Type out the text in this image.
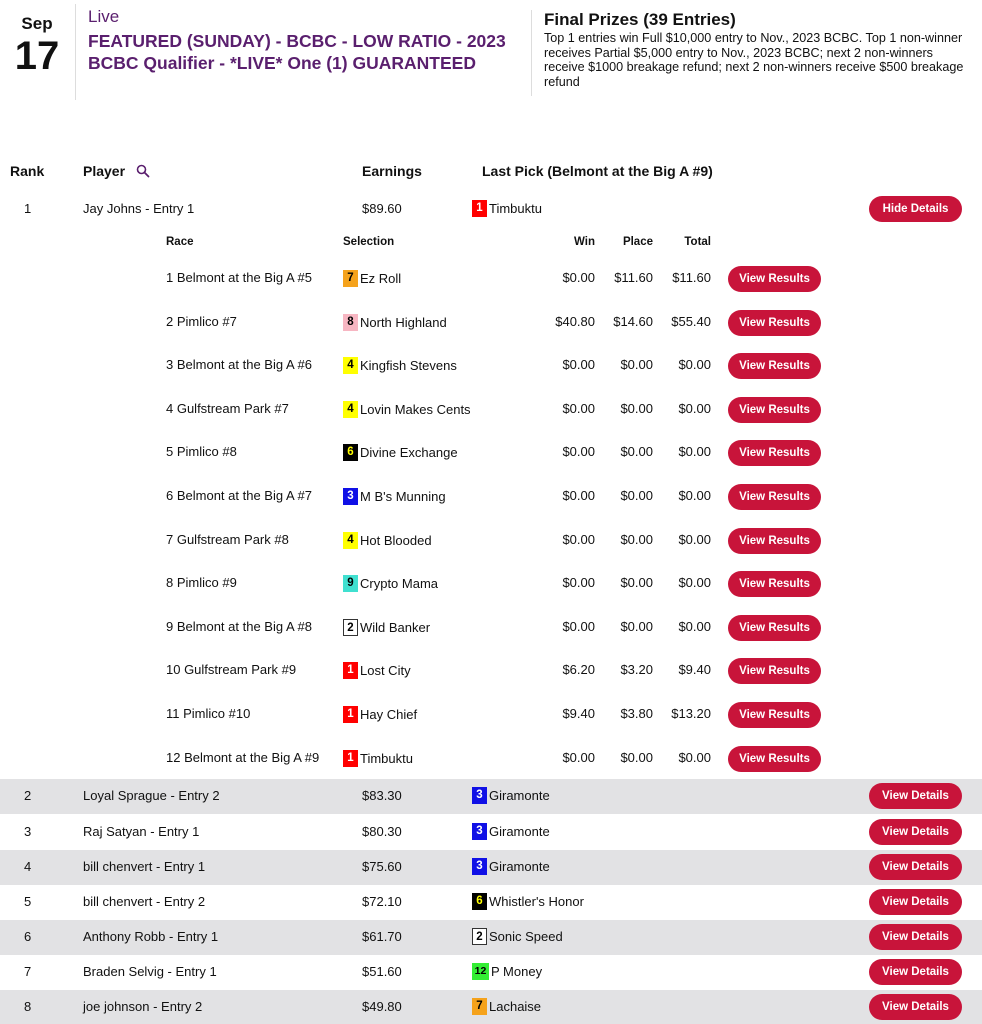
Sep
17
Live
FEATURED (SUNDAY) - BCBC - LOW RATIO - 2023 BCBC Qualifier - *LIVE* One (1) GUARANTEED
Final Prizes (39 Entries)
Top 1 entries win Full $10,000 entry to Nov., 2023 BCBC. Top 1 non-winner receives Partial $5,000 entry to Nov., 2023 BCBC; next 2 non-winners receive $1000 breakage refund; next 2 non-winners receive $500 breakage refund
Rank	Player	Earnings	Last Pick (Belmont at the Big A #9)
1	Jay Johns - Entry 1	$89.60	1 Timbuktu	Hide Details
2	Loyal Sprague - Entry 2	$83.30	3 Giramonte	View Details
3	Raj Satyan - Entry 1	$80.30	3 Giramonte	View Details
4	bill chenvert - Entry 1	$75.60	3 Giramonte	View Details
5	bill chenvert - Entry 2	$72.10	6 Whistler's Honor	View Details
6	Anthony Robb - Entry 1	$61.70	2 Sonic Speed	View Details
7	Braden Selvig - Entry 1	$51.60	12 P Money	View Details
8	joe johnson - Entry 2	$49.80	7 Lachaise	View Details
Race	Selection	Win	Place	Total
1 Belmont at the Big A #5	7 Ez Roll	$0.00	$11.60	$11.60	View Results
2 Pimlico #7	8 North Highland	$40.80	$14.60	$55.40	View Results
3 Belmont at the Big A #6	4 Kingfish Stevens	$0.00	$0.00	$0.00	View Results
4 Gulfstream Park #7	4 Lovin Makes Cents	$0.00	$0.00	$0.00	View Results
5 Pimlico #8	6 Divine Exchange	$0.00	$0.00	$0.00	View Results
6 Belmont at the Big A #7	3 M B's Munning	$0.00	$0.00	$0.00	View Results
7 Gulfstream Park #8	4 Hot Blooded	$0.00	$0.00	$0.00	View Results
8 Pimlico #9	9 Crypto Mama	$0.00	$0.00	$0.00	View Results
9 Belmont at the Big A #8	2 Wild Banker	$0.00	$0.00	$0.00	View Results
10 Gulfstream Park #9	1 Lost City	$6.20	$3.20	$9.40	View Results
11 Pimlico #10	1 Hay Chief	$9.40	$3.80	$13.20	View Results
12 Belmont at the Big A #9	1 Timbuktu	$0.00	$0.00	$0.00	View Results
